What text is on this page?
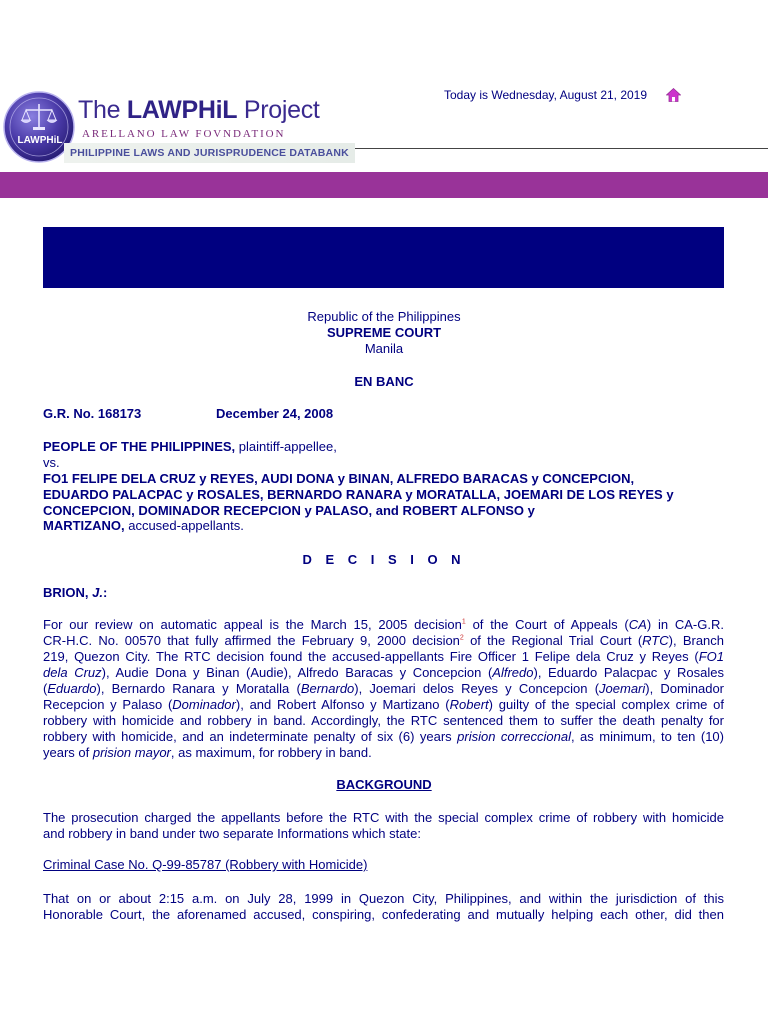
LAWPHiL
The LAWPHiL Project
ARELLANO LAW FOVNDATION
PHILIPPINE LAWS AND JURISPRUDENCE DATABANK
Today is Wednesday, August 21, 2019
Republic of the Philippines
SUPREME COURT
Manila
EN BANC
G.R. No. 168173	December 24, 2008
PEOPLE OF THE PHILIPPINES, plaintiff-appellee,
vs.
FO1 FELIPE DELA CRUZ y REYES, AUDI DONA y BINAN, ALFREDO BARACAS y CONCEPCION,
EDUARDO PALACPAC y ROSALES, BERNARDO RANARA y MORATALLA, JOEMARI DE LOS REYES y
CONCEPCION, DOMINADOR RECEPCION y PALASO, and ROBERT ALFONSO y
MARTIZANO, accused-appellants.
D E C I S I O N
BRION, J.:
For our review on automatic appeal is the March 15, 2005 decision$^1$ of the Court of Appeals (CA) in CA-G.R.
CR-H.C. No. 00570 that fully affirmed the February 9, 2000 decision$^2$ of the Regional Trial Court (RTC), Branch
219, Quezon City. The RTC decision found the accused-appellants Fire Officer 1 Felipe dela Cruz y Reyes (FO1
dela Cruz), Audie Dona y Binan (Audie), Alfredo Baracas y Concepcion (Alfredo), Eduardo Palacpac y Rosales
(Eduardo), Bernardo Ranara y Moratalla (Bernardo), Joemari delos Reyes y Concepcion (Joemari), Dominador
Recepcion y Palaso (Dominador), and Robert Alfonso y Martizano (Robert) guilty of the special complex crime of
robbery with homicide and robbery in band. Accordingly, the RTC sentenced them to suffer the death penalty for
robbery with homicide, and an indeterminate penalty of six (6) years prision correccional, as minimum, to ten (10)
years of prision mayor, as maximum, for robbery in band.
BACKGROUND
The prosecution charged the appellants before the RTC with the special complex crime of robbery with homicide
and robbery in band under two separate Informations which state:
Criminal Case No. Q-99-85787 (Robbery with Homicide)
That on or about 2:15 a.m. on July 28, 1999 in Quezon City, Philippines, and within the jurisdiction of this
Honorable Court, the aforenamed accused, conspiring, confederating and mutually helping each other, did then
